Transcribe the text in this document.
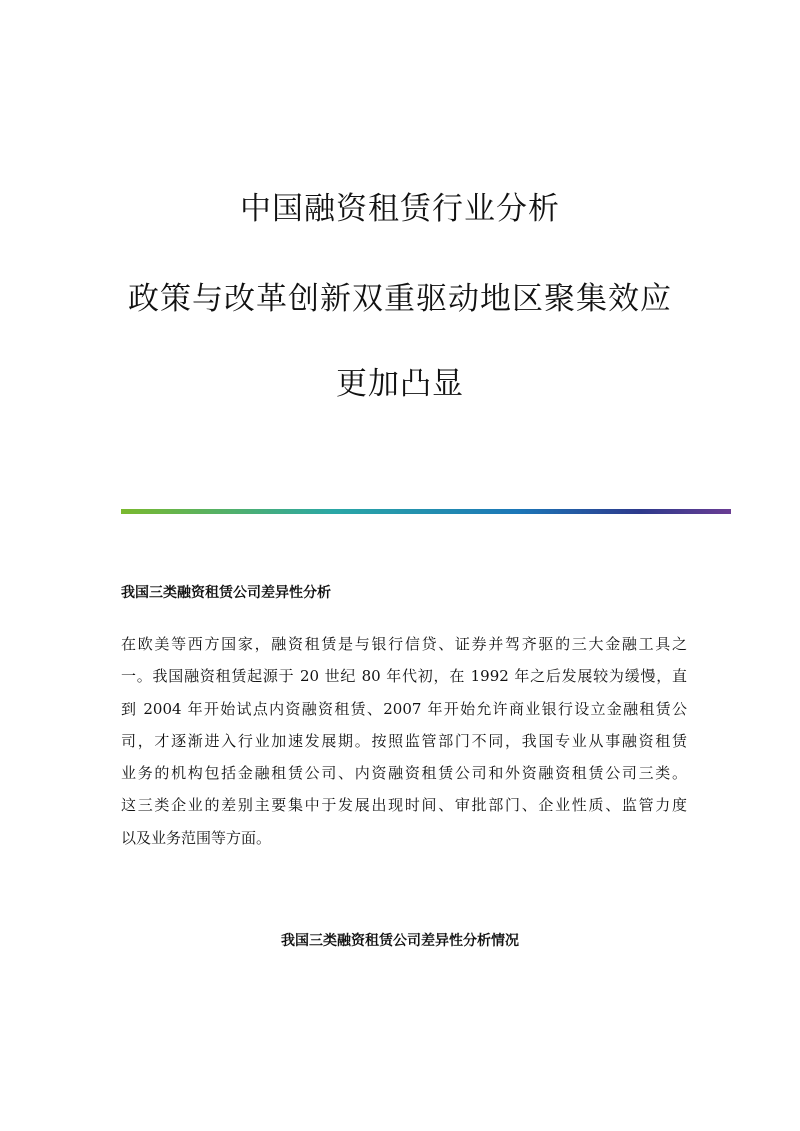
中国融资租赁行业分析
政策与改革创新双重驱动地区聚集效应
更加凸显
我国三类融资租赁公司差异性分析
在欧美等西方国家，融资租赁是与银行信贷、证券并驾齐驱的三大金融工具之
一。我国融资租赁起源于 20 世纪 80 年代初，在 1992 年之后发展较为缓慢，直
到 2004 年开始试点内资融资租赁、2007 年开始允许商业银行设立金融租赁公
司，才逐渐进入行业加速发展期。按照监管部门不同，我国专业从事融资租赁
业务的机构包括金融租赁公司、内资融资租赁公司和外资融资租赁公司三类。
这三类企业的差别主要集中于发展出现时间、审批部门、企业性质、监管力度
以及业务范围等方面。
我国三类融资租赁公司差异性分析情况
